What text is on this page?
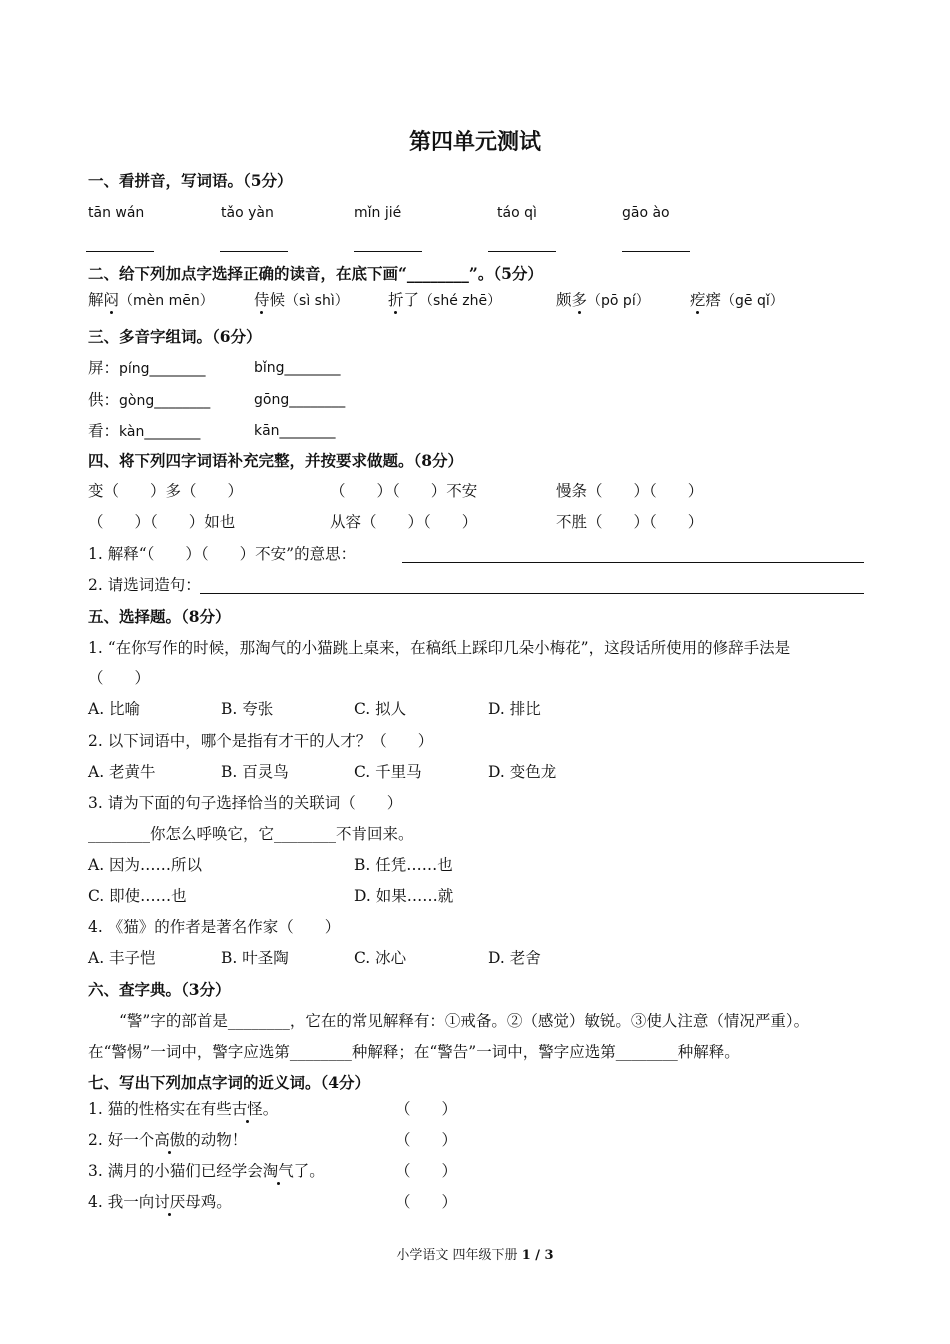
第四单元测试
一、看拼音，写词语。（5分）
tān wán	tǎo yàn	mǐn jié	táo qì	gāo ào
二、给下列加点字选择正确的读音，在底下画“________”。（5分）
解闷（mèn mēn）	侍候（sì shì）	折了（shé zhē）	颇多（pō pí）	疙瘩（gē qǐ）
三、多音字组词。（6分）
屏：píng________	bǐng________
供：gòng________	gōng________
看：kàn________	kān________
四、将下列四字词语补充完整，并按要求做题。（8分）
变（　　）多（　　）	（　　）（　　）不安	慢条（　　）（　　）
（　　）（　　）如也	从容（　　）（　　）	不胜（　　）（　　）
1. 解释“（　　）（　　）不安”的意思：
2. 请选词造句：
五、选择题。（8分）
1. “在你写作的时候，那淘气的小猫跳上桌来，在稿纸上踩印几朵小梅花”，这段话所使用的修辞手法是
（　　）
A. 比喻	B. 夸张	C. 拟人	D. 排比
2. 以下词语中，哪个是指有才干的人才？（　　）
A. 老黄牛	B. 百灵鸟	C. 千里马	D. 变色龙
3. 请为下面的句子选择恰当的关联词（　　）
________你怎么呼唤它，它________不肯回来。
A. 因为……所以	B. 任凭……也
C. 即使……也	D. 如果……就
4. 《猫》的作者是著名作家（　　）
A. 丰子恺	B. 叶圣陶	C. 冰心	D. 老舍
六、查字典。（3分）
“警”字的部首是________，它在的常见解释有：①戒备。②（感觉）敏锐。③使人注意（情况严重）。
在“警惕”一词中，警字应选第________种解释；在“警告”一词中，警字应选第________种解释。
七、写出下列加点字词的近义词。（4分）
1. 猫的性格实在有些古怪。	（　　）
2. 好一个高傲的动物！	（　　）
3. 满月的小猫们已经学会淘气了。	（　　）
4. 我一向讨厌母鸡。	（　　）
小学语文 四年级下册 1 / 3
